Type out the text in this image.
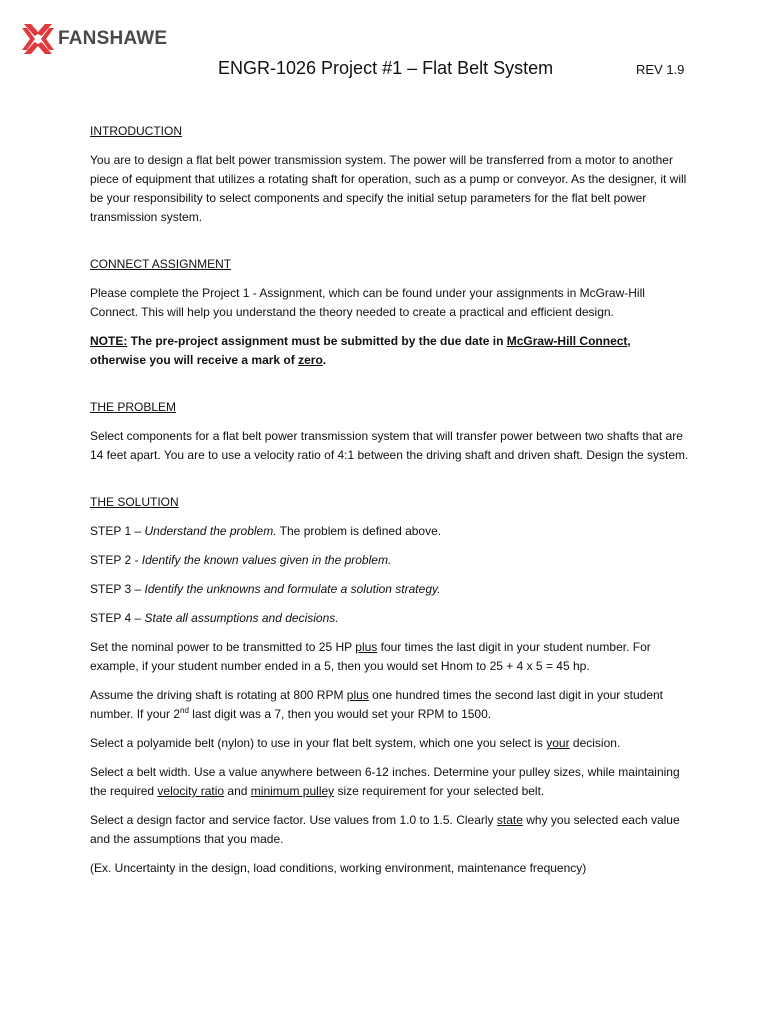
FANSHAWE
ENGR-1026 Project #1 – Flat Belt System	REV 1.9

INTRODUCTION

You are to design a flat belt power transmission system. The power will be transferred from a motor to another piece of equipment that utilizes a rotating shaft for operation, such as a pump or conveyor. As the designer, it will be your responsibility to select components and specify the initial setup parameters for the flat belt power transmission system.

CONNECT ASSIGNMENT

Please complete the Project 1 - Assignment, which can be found under your assignments in McGraw-Hill Connect. This will help you understand the theory needed to create a practical and efficient design.

NOTE: The pre-project assignment must be submitted by the due date in McGraw-Hill Connect, otherwise you will receive a mark of zero.

THE PROBLEM

Select components for a flat belt power transmission system that will transfer power between two shafts that are 14 feet apart. You are to use a velocity ratio of 4:1 between the driving shaft and driven shaft. Design the system.

THE SOLUTION

STEP 1 – Understand the problem. The problem is defined above.

STEP 2 - Identify the known values given in the problem.

STEP 3 – Identify the unknowns and formulate a solution strategy.

STEP 4 – State all assumptions and decisions.

Set the nominal power to be transmitted to 25 HP plus four times the last digit in your student number. For example, if your student number ended in a 5, then you would set Hnom to 25 + 4 x 5 = 45 hp.

Assume the driving shaft is rotating at 800 RPM plus one hundred times the second last digit in your student number. If your 2nd last digit was a 7, then you would set your RPM to 1500.

Select a polyamide belt (nylon) to use in your flat belt system, which one you select is your decision.

Select a belt width. Use a value anywhere between 6-12 inches. Determine your pulley sizes, while maintaining the required velocity ratio and minimum pulley size requirement for your selected belt.

Select a design factor and service factor. Use values from 1.0 to 1.5. Clearly state why you selected each value and the assumptions that you made.

(Ex. Uncertainty in the design, load conditions, working environment, maintenance frequency)
